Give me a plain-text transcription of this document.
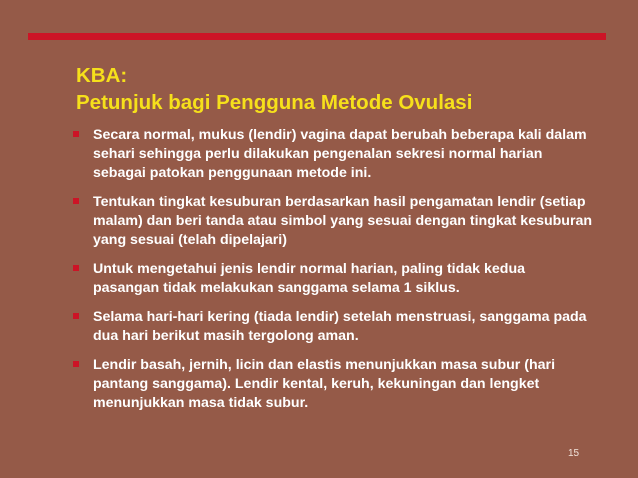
KBA:
Petunjuk bagi Pengguna Metode Ovulasi
Secara normal, mukus (lendir) vagina dapat berubah beberapa kali dalam sehari sehingga perlu dilakukan pengenalan sekresi normal harian sebagai patokan penggunaan metode ini.
Tentukan tingkat kesuburan berdasarkan hasil pengamatan lendir (setiap malam) dan beri tanda atau simbol yang sesuai dengan tingkat kesuburan yang sesuai (telah dipelajari)
Untuk mengetahui jenis lendir normal harian, paling tidak kedua pasangan tidak melakukan sanggama selama 1 siklus.
Selama hari-hari kering (tiada lendir) setelah menstruasi, sanggama pada dua hari berikut masih tergolong aman.
Lendir basah, jernih, licin dan elastis menunjukkan masa subur (hari pantang sanggama). Lendir kental, keruh, kekuningan dan lengket menunjukkan masa tidak subur.
15
